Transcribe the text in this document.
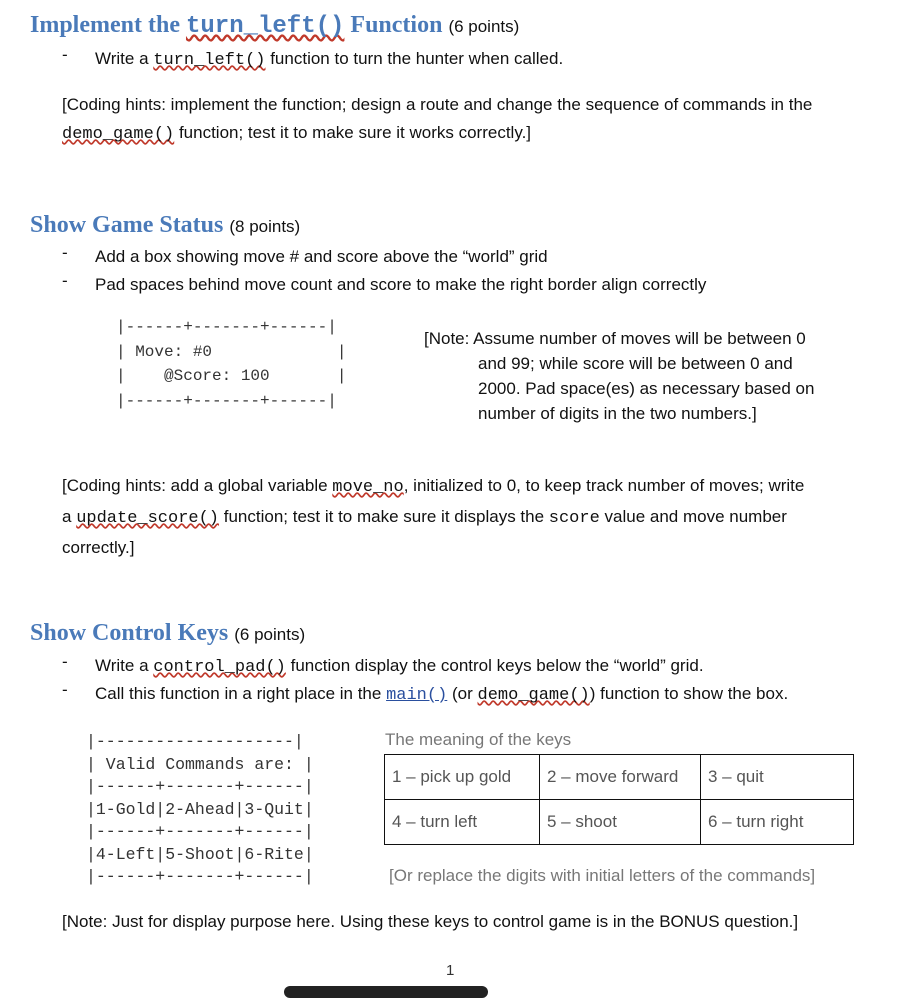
Implement the turn_left() Function (6 points)
- Write a turn_left() function to turn the hunter when called.
[Coding hints: implement the function; design a route and change the sequence of commands in the
demo_game() function; test it to make sure it works correctly.]
Show Game Status (8 points)
- Add a box showing move # and score above the “world” grid
- Pad spaces behind move count and score to make the right border align correctly
|------+-------+------|
| Move: #0             |
|    @Score: 100       |
|------+-------+------|
[Note: Assume number of moves will be between 0
and 99; while score will be between 0 and
2000. Pad space(es) as necessary based on
number of digits in the two numbers.]
[Coding hints: add a global variable move_no, initialized to 0, to keep track number of moves; write
a update_score() function; test it to make sure it displays the score value and move number
correctly.]
Show Control Keys (6 points)
- Write a control_pad() function display the control keys below the “world” grid.
- Call this function in a right place in the main() (or demo_game()) function to show the box.
|--------------------|
| Valid Commands are: |
|------+-------+------|
|1-Gold|2-Ahead|3-Quit|
|------+-------+------|
|4-Left|5-Shoot|6-Rite|
|------+-------+------|
The meaning of the keys
1 – pick up gold	2 – move forward	3 – quit
4 – turn left	5 – shoot	6 – turn right
[Or replace the digits with initial letters of the commands]
[Note: Just for display purpose here. Using these keys to control game is in the BONUS question.]
1
